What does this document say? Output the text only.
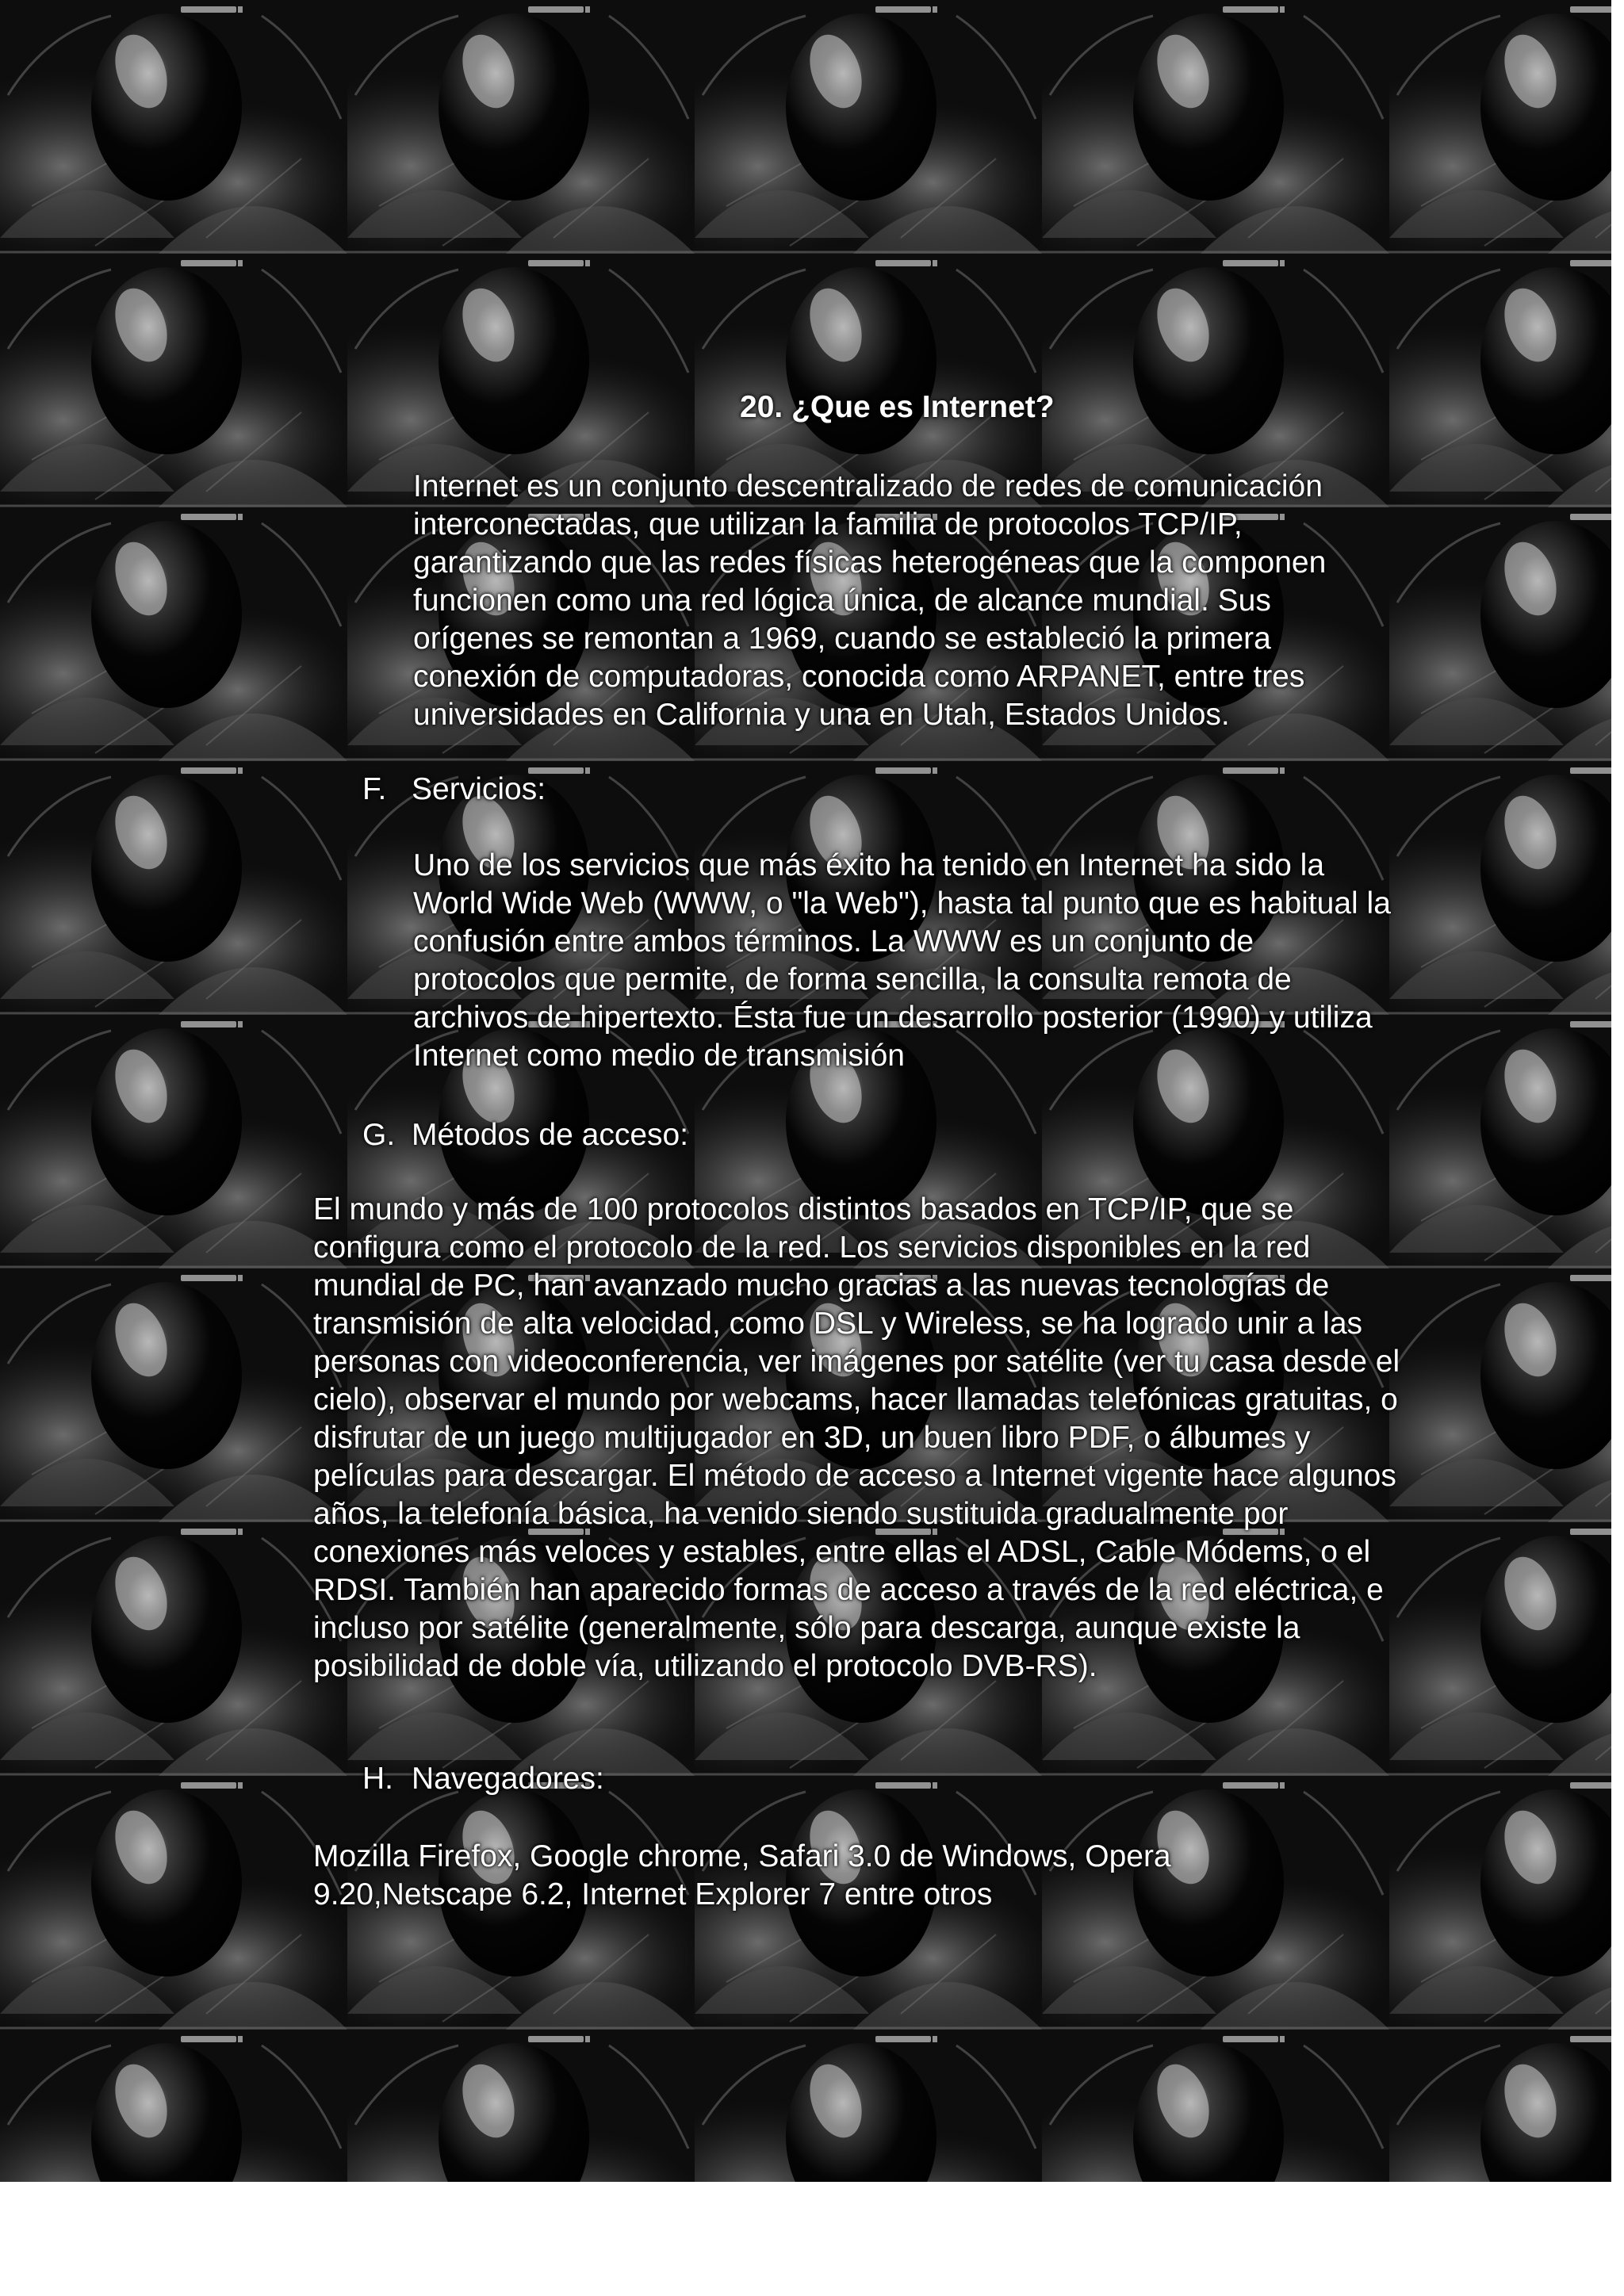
20. ¿Que es Internet?

Internet es un conjunto descentralizado de redes de comunicación interconectadas, que utilizan la familia de protocolos TCP/IP, garantizando que las redes físicas heterogéneas que la componen funcionen como una red lógica única, de alcance mundial. Sus orígenes se remontan a 1969, cuando se estableció la primera conexión de computadoras, conocida como ARPANET, entre tres universidades en California y una en Utah, Estados Unidos.

F. Servicios:

Uno de los servicios que más éxito ha tenido en Internet ha sido la World Wide Web (WWW, o "la Web"), hasta tal punto que es habitual la confusión entre ambos términos. La WWW es un conjunto de protocolos que permite, de forma sencilla, la consulta remota de archivos de hipertexto. Ésta fue un desarrollo posterior (1990) y utiliza Internet como medio de transmisión

G. Métodos de acceso:

El mundo y más de 100 protocolos distintos basados en TCP/IP, que se configura como el protocolo de la red. Los servicios disponibles en la red mundial de PC, han avanzado mucho gracias a las nuevas tecnologías de transmisión de alta velocidad, como DSL y Wireless, se ha logrado unir a las personas con videoconferencia, ver imágenes por satélite (ver tu casa desde el cielo), observar el mundo por webcams, hacer llamadas telefónicas gratuitas, o disfrutar de un juego multijugador en 3D, un buen libro PDF, o álbumes y películas para descargar. El método de acceso a Internet vigente hace algunos años, la telefonía básica, ha venido siendo sustituida gradualmente por conexiones más veloces y estables, entre ellas el ADSL, Cable Módems, o el RDSI. También han aparecido formas de acceso a través de la red eléctrica, e incluso por satélite (generalmente, sólo para descarga, aunque existe la posibilidad de doble vía, utilizando el protocolo DVB-RS).

H. Navegadores:

Mozilla Firefox, Google chrome, Safari 3.0 de Windows, Opera 9.20,Netscape 6.2, Internet Explorer 7 entre otros
